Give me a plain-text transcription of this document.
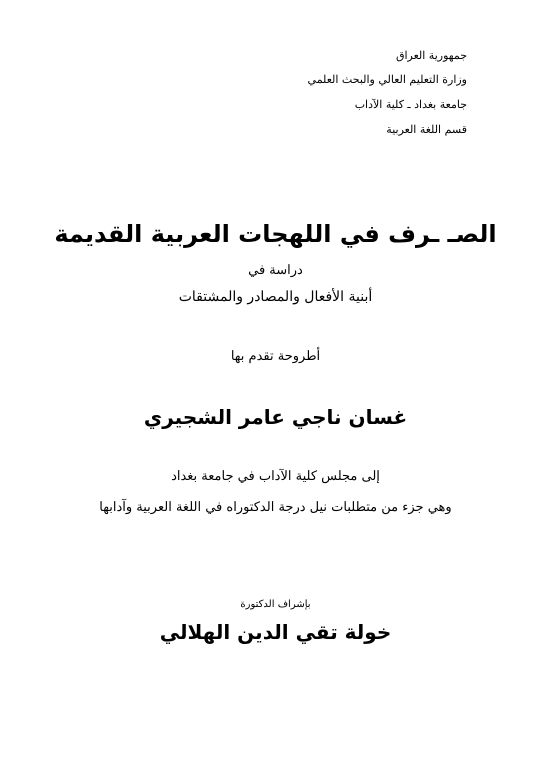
جمهورية العراق
وزارة التعليم العالي والبحث العلمي
جامعة بغداد ـ كلية الآداب
قسم اللغة العربية
الصـ ـرف في اللهجات العربية القديمة
دراسة في
أبنية الأفعال والمصادر والمشتقات
أطروحة تقدم بها
غسان ناجي عامر الشجيري
إلى مجلس كلية الآداب في جامعة بغداد
وهي جزء من متطلبات نيل درجة الدكتوراه في اللغة العربية وآدابها
بإشراف الدكتورة
خولة تقي الدين الهلالي
